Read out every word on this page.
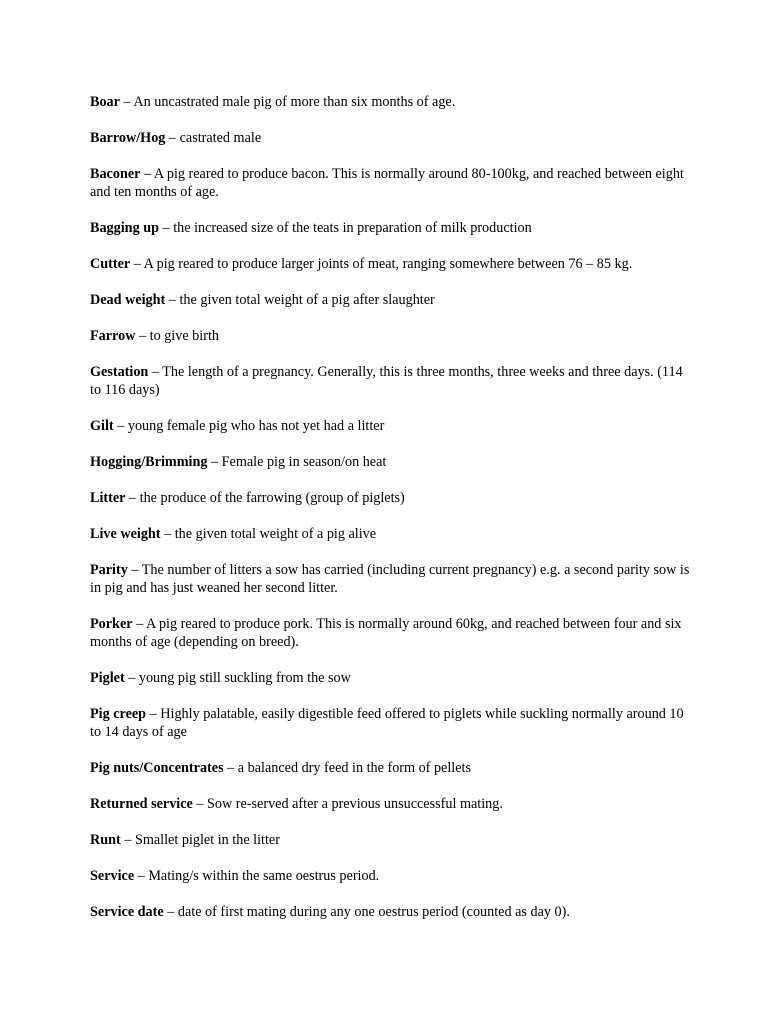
Boar – An uncastrated male pig of more than six months of age.
Barrow/Hog – castrated male
Baconer – A pig reared to produce bacon. This is normally around 80-100kg, and reached between eight and ten months of age.
Bagging up – the increased size of the teats in preparation of milk production
Cutter – A pig reared to produce larger joints of meat, ranging somewhere between 76 – 85 kg.
Dead weight – the given total weight of a pig after slaughter
Farrow – to give birth
Gestation – The length of a pregnancy. Generally, this is three months, three weeks and three days. (114 to 116 days)
Gilt – young female pig who has not yet had a litter
Hogging/Brimming – Female pig in season/on heat
Litter – the produce of the farrowing (group of piglets)
Live weight – the given total weight of a pig alive
Parity – The number of litters a sow has carried (including current pregnancy) e.g. a second parity sow is in pig and has just weaned her second litter.
Porker – A pig reared to produce pork. This is normally around 60kg, and reached between four and six months of age (depending on breed).
Piglet – young pig still suckling from the sow
Pig creep – Highly palatable, easily digestible feed offered to piglets while suckling normally around 10 to 14 days of age
Pig nuts/Concentrates – a balanced dry feed in the form of pellets
Returned service – Sow re-served after a previous unsuccessful mating.
Runt – Smallet piglet in the litter
Service – Mating/s within the same oestrus period.
Service date – date of first mating during any one oestrus period (counted as day 0).
